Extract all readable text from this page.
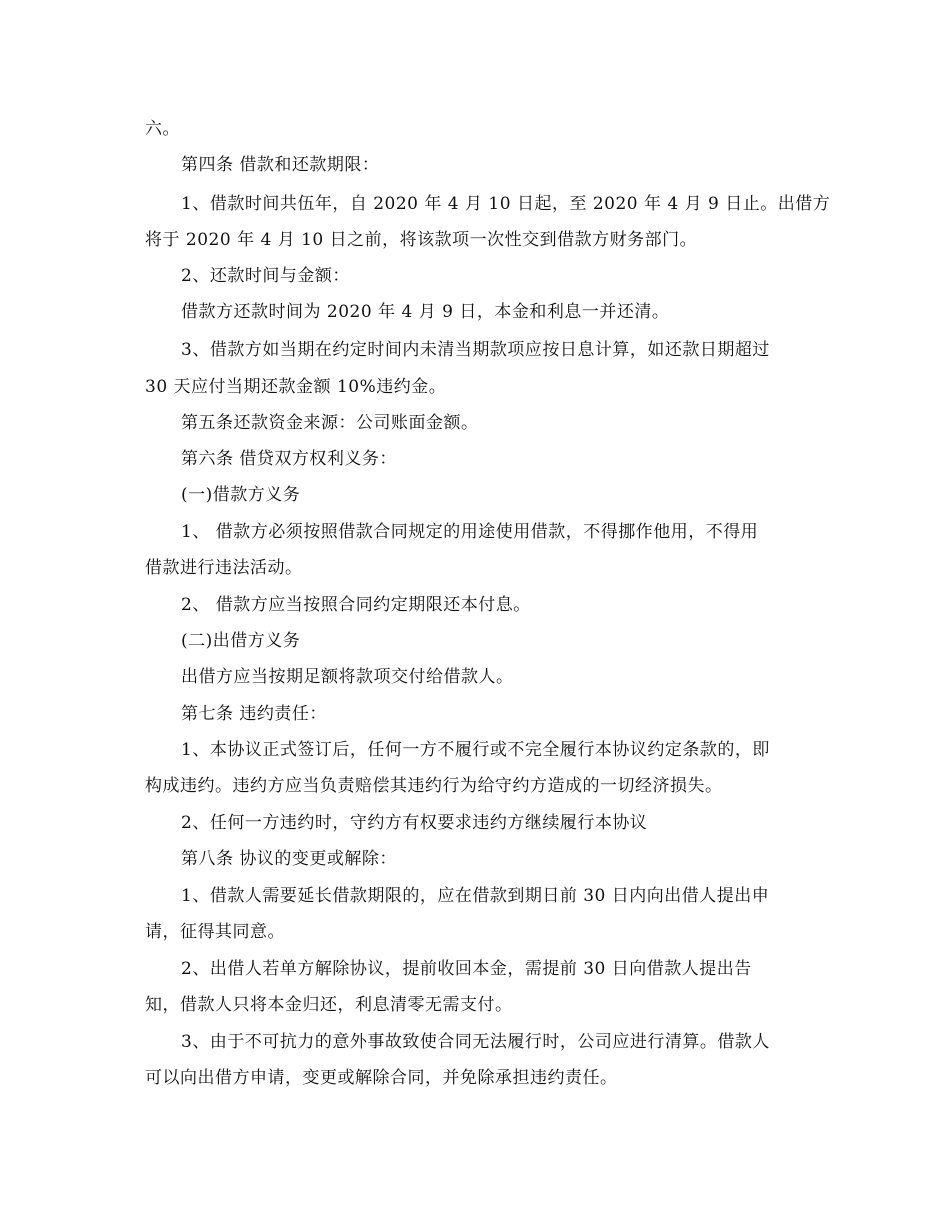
六。
第四条 借款和还款期限：
1、借款时间共伍年，自 2020 年 4 月 10 日起，至 2020 年 4 月 9 日止。出借方
将于 2020 年 4 月 10 日之前，将该款项一次性交到借款方财务部门。
2、还款时间与金额：
借款方还款时间为 2020 年 4 月 9 日，本金和利息一并还清。
3、借款方如当期在约定时间内未清当期款项应按日息计算，如还款日期超过
30 天应付当期还款金额 10%违约金。
第五条还款资金来源：公司账面金额。
第六条 借贷双方权利义务：
(一)借款方义务
1、 借款方必须按照借款合同规定的用途使用借款，不得挪作他用，不得用
借款进行违法活动。
2、 借款方应当按照合同约定期限还本付息。
(二)出借方义务
出借方应当按期足额将款项交付给借款人。
第七条 违约责任：
1、本协议正式签订后，任何一方不履行或不完全履行本协议约定条款的，即
构成违约。违约方应当负责赔偿其违约行为给守约方造成的一切经济损失。
2、任何一方违约时，守约方有权要求违约方继续履行本协议
第八条 协议的变更或解除：
1、借款人需要延长借款期限的，应在借款到期日前 30 日内向出借人提出申
请，征得其同意。
2、出借人若单方解除协议，提前收回本金，需提前 30 日向借款人提出告
知，借款人只将本金归还，利息清零无需支付。
3、由于不可抗力的意外事故致使合同无法履行时，公司应进行清算。借款人
可以向出借方申请，变更或解除合同，并免除承担违约责任。
